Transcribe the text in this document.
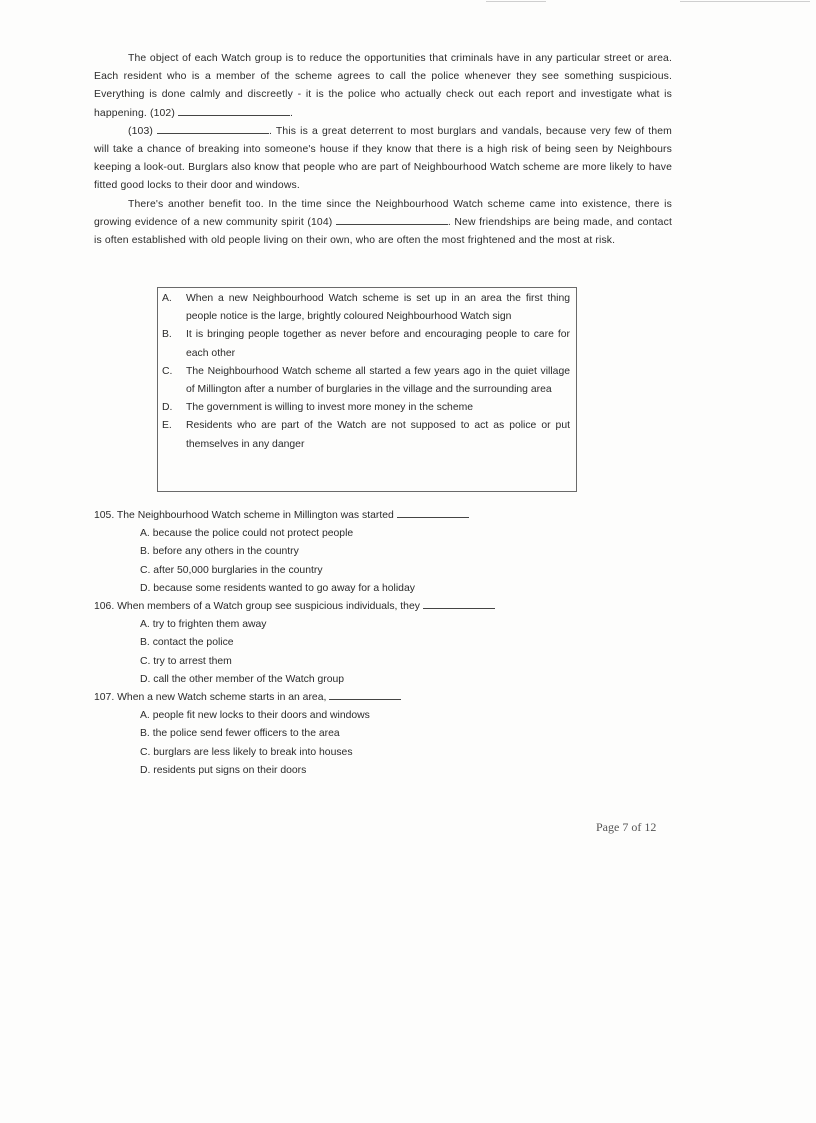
The object of each Watch group is to reduce the opportunities that criminals have in any particular street or area. Each resident who is a member of the scheme agrees to call the police whenever they see something suspicious. Everything is done calmly and discreetly - it is the police who actually check out each report and investigate what is happening. (102)	.

(103)	. This is a great deterrent to most burglars and vandals, because very few of them will take a chance of breaking into someone's house if they know that there is a high risk of being seen by Neighbours keeping a look-out. Burglars also know that people who are part of Neighbourhood Watch scheme are more likely to have fitted good locks to their door and windows.

There's another benefit too. In the time since the Neighbourhood Watch scheme came into existence, there is growing evidence of a new community spirit (104)	. New friendships are being made, and contact is often established with old people living on their own, who are often the most frightened and the most at risk.

A.	When a new Neighbourhood Watch scheme is set up in an area the first thing people notice is the large, brightly coloured Neighbourhood Watch sign
B.	It is bringing people together as never before and encouraging people to care for each other
C.	The Neighbourhood Watch scheme all started a few years ago in the quiet village of Millington after a number of burglaries in the village and the surrounding area
D.	The government is willing to invest more money in the scheme
E.	Residents who are part of the Watch are not supposed to act as police or put themselves in any danger

105. The Neighbourhood Watch scheme in Millington was started

A. because the police could not protect people

B. before any others in the country

C. after 50,000 burglaries in the country

D. because some residents wanted to go away for a holiday

106. When members of a Watch group see suspicious individuals, they

A. try to frighten them away

B. contact the police

C. try to arrest them

D. call the other member of the Watch group

107. When a new Watch scheme starts in an area,

A. people fit new locks to their doors and windows

B. the police send fewer officers to the area

C. burglars are less likely to break into houses

D. residents put signs on their doors

Page 7 of 12
